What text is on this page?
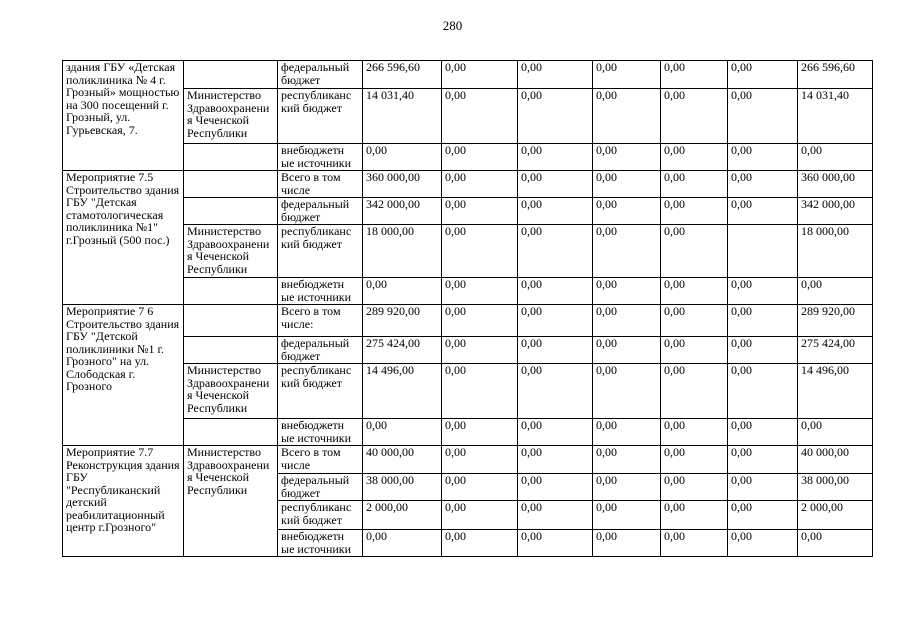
280
здания ГБУ «Детская поликлиника № 4 г. Грозный» мощностью на 300 посещений г. Грозный, ул. Гурьевская, 7.		федеральный бюджет	266 596,60	0,00	0,00	0,00	0,00	0,00	266 596,60
	Министерство Здравоохранени я Чеченской Республики	республиканс кий бюджет	14 031,40	0,00	0,00	0,00	0,00	0,00	14 031,40
		внебюджетн ые источники	0,00	0,00	0,00	0,00	0,00	0,00	0,00
Мероприятие 7.5 Строительство здания ГБУ "Детская стамотологическая поликлиника №1" г.Грозный (500 пос.)		Всего в том числе	360 000,00	0,00	0,00	0,00	0,00	0,00	360 000,00
		федеральный бюджет	342 000,00	0,00	0,00	0,00	0,00	0,00	342 000,00
	Министерство Здравоохранени я Чеченской Республики	республиканс кий бюджет	18 000,00	0,00	0,00	0,00	0,00		18 000,00
		внебюджетн ые источники	0,00	0,00	0,00	0,00	0,00	0,00	0,00
Мероприятие 7 6 Строительство здания ГБУ "Детской поликлиники №1 г. Грозного" на ул. Слободская г. Грозного		Всего в том числе:	289 920,00	0,00	0,00	0,00	0,00	0,00	289 920,00
		федеральный бюджет	275 424,00	0,00	0,00	0,00	0,00	0,00	275 424,00
	Министерство Здравоохранени я Чеченской Республики	республиканс кий бюджет	14 496,00	0,00	0,00	0,00	0,00	0,00	14 496,00
		внебюджетн ые источники	0,00	0,00	0,00	0,00	0,00	0,00	0,00
Мероприятие 7.7 Реконструкция здания ГБУ "Республиканский детский реабилитационный центр г.Грозного"	Министерство Здравоохранени я Чеченской Республики	Всего в том числе	40 000,00	0,00	0,00	0,00	0,00	0,00	40 000,00
		федеральный бюджет	38 000,00	0,00	0,00	0,00	0,00	0,00	38 000,00
		республиканс кий бюджет	2 000,00	0,00	0,00	0,00	0,00	0,00	2 000,00
		внебюджетн ые источники	0,00	0,00	0,00	0,00	0,00	0,00	0,00
